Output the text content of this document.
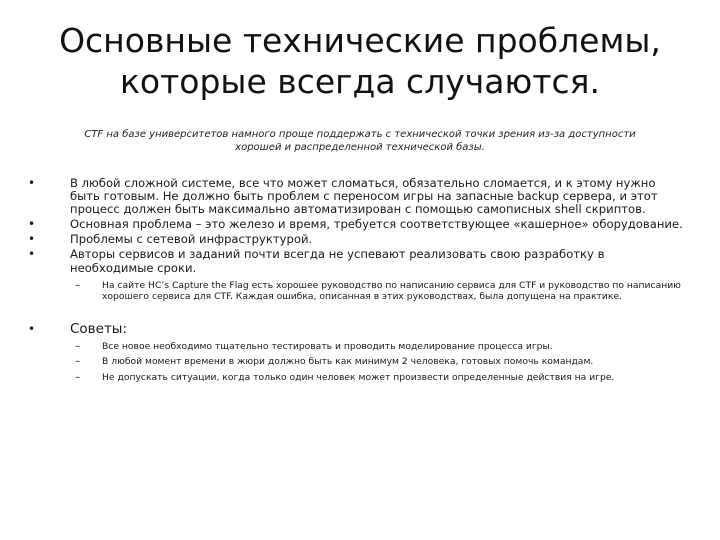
Основные технические проблемы,
которые всегда случаются.
CTF на базе университетов намного проще поддержать с технической точки зрения из-за доступности
хорошей и распределенной технической базы.
•	В любой сложной системе, все что может сломаться, обязательно сломается, и к этому нужно быть готовым. Не должно быть проблем с переносом игры на запасные backup сервера, и этот процесс должен быть максимально автоматизирован с помощью самописных shell скриптов.
•	Основная проблема – это железо и время, требуется соответствующее «кашерное» оборудование.
•	Проблемы с сетевой инфраструктурой.
•	Авторы сервисов и заданий почти всегда не успевают реализовать свою разработку в необходимые сроки.
– На сайте HC’s Capture the Flag есть хорошее руководство по написанию сервиса для CTF и руководство по написанию хорошего сервиса для CTF. Каждая ошибка, описанная в этих руководствах, была допущена на практике.
•	Советы:
– Все новое необходимо тщательно тестировать и проводить моделирование процесса игры.
– В любой момент времени в жюри должно быть как минимум 2 человека, готовых помочь командам.
– Не допускать ситуации, когда только один человек может произвести определенные действия на игре.
